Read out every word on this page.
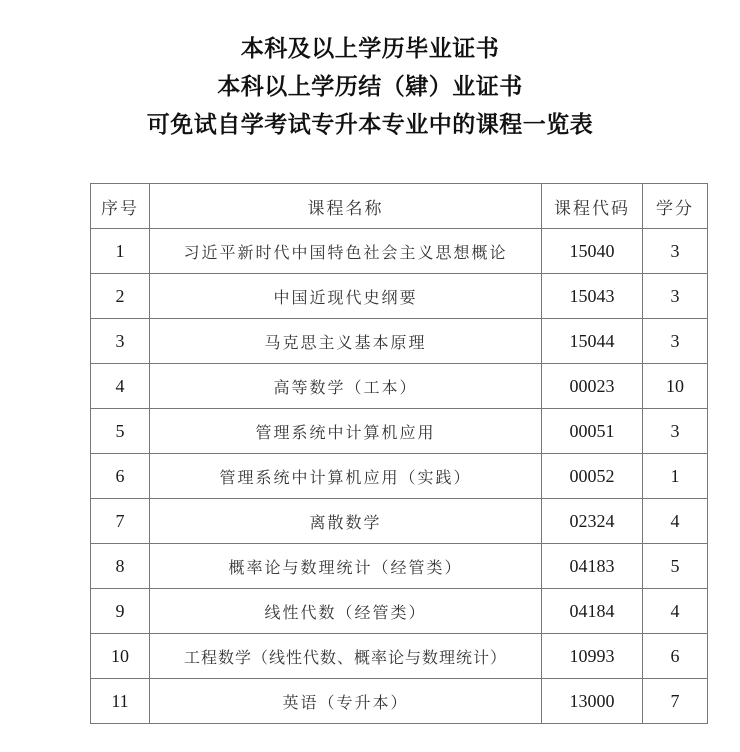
本科及以上学历毕业证书
本科以上学历结（肄）业证书
可免试自学考试专升本专业中的课程一览表
序号	课程名称	课程代码	学分
1	习近平新时代中国特色社会主义思想概论	15040	3
2	中国近现代史纲要	15043	3
3	马克思主义基本原理	15044	3
4	高等数学（工本）	00023	10
5	管理系统中计算机应用	00051	3
6	管理系统中计算机应用（实践）	00052	1
7	离散数学	02324	4
8	概率论与数理统计（经管类）	04183	5
9	线性代数（经管类）	04184	4
10	工程数学（线性代数、概率论与数理统计）	10993	6
11	英语（专升本）	13000	7
